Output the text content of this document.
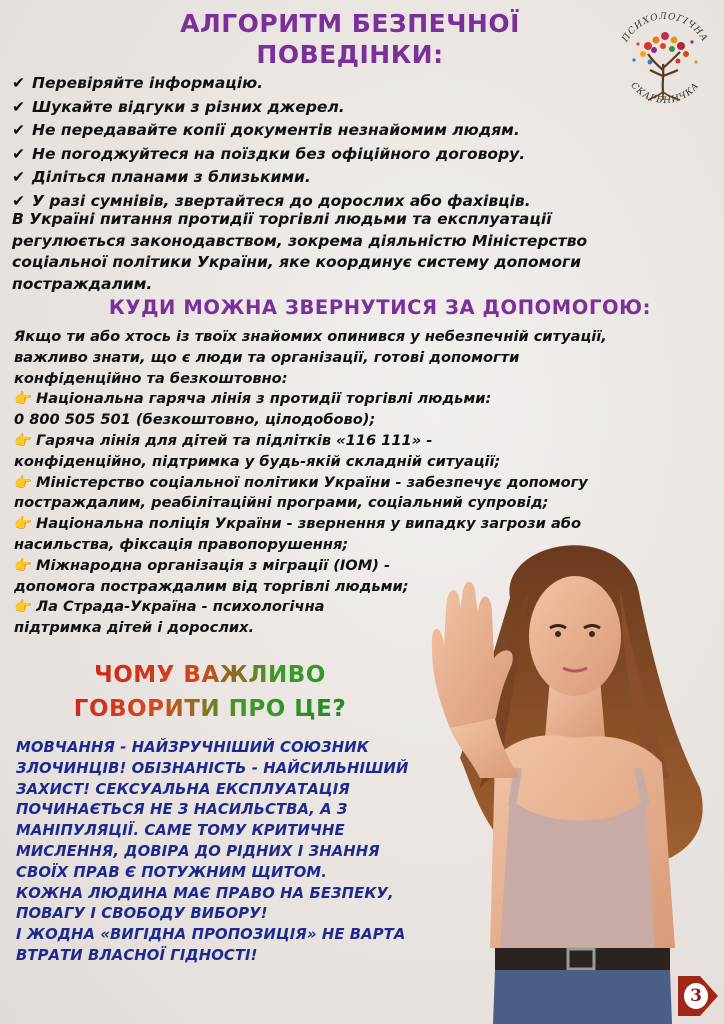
АЛГОРИТМ БЕЗПЕЧНОЇ
ПОВЕДІНКИ:
ПСИХОЛОГІЧНА
СКАРБНИЧКА
✔ Перевіряйте інформацію.
✔ Шукайте відгуки з різних джерел.
✔ Не передавайте копії документів незнайомим людям.
✔ Не погоджуйтеся на поїздки без офіційного договору.
✔ Діліться планами з близькими.
✔ У разі сумнівів, звертайтеся до дорослих або фахівців.
В Україні питання протидії торгівлі людьми та експлуатації
регулюється законодавством, зокрема діяльністю Міністерство
соціальної політики України, яке координує систему допомоги
постраждалим.
КУДИ МОЖНА ЗВЕРНУТИСЯ ЗА ДОПОМОГОЮ:
Якщо ти або хтось із твоїх знайомих опинився у небезпечній ситуації,
важливо знати, що є люди та організації, готові допомогти
конфіденційно та безкоштовно:
👉 Національна гаряча лінія з протидії торгівлі людьми:
0 800 505 501 (безкоштовно, цілодобово);
👉 Гаряча лінія для дітей та підлітків «116 111» -
конфіденційно, підтримка у будь-якій складній ситуації;
👉 Міністерство соціальної політики України - забезпечує допомогу
постраждалим, реабілітаційні програми, соціальний супровід;
👉 Національна поліція України - звернення у випадку загрози або
насильства, фіксація правопорушення;
👉 Міжнародна організація з міграції (IOM) -
допомога постраждалим від торгівлі людьми;
👉 Ла Страда-Україна - психологічна
підтримка дітей і дорослих.
ЧОМУ ВАЖЛИВО
ГОВОРИТИ ПРО ЦЕ?
МОВЧАННЯ - НАЙЗРУЧНІШИЙ СОЮЗНИК
ЗЛОЧИНЦІВ! ОБІЗНАНІСТЬ - НАЙСИЛЬНІШИЙ
ЗАХИСТ! СЕКСУАЛЬНА ЕКСПЛУАТАЦІЯ
ПОЧИНАЄТЬСЯ НЕ З НАСИЛЬСТВА, А З
МАНІПУЛЯЦІЇ. САМЕ ТОМУ КРИТИЧНЕ
МИСЛЕННЯ, ДОВІРА ДО РІДНИХ І ЗНАННЯ
СВОЇХ ПРАВ Є ПОТУЖНИМ ЩИТОМ.
КОЖНА ЛЮДИНА МАЄ ПРАВО НА БЕЗПЕКУ,
ПОВАГУ І СВОБОДУ ВИБОРУ!
І ЖОДНА «ВИГІДНА ПРОПОЗИЦІЯ» НЕ ВАРТА
ВТРАТИ ВЛАСНОЇ ГІДНОСТІ!
3
